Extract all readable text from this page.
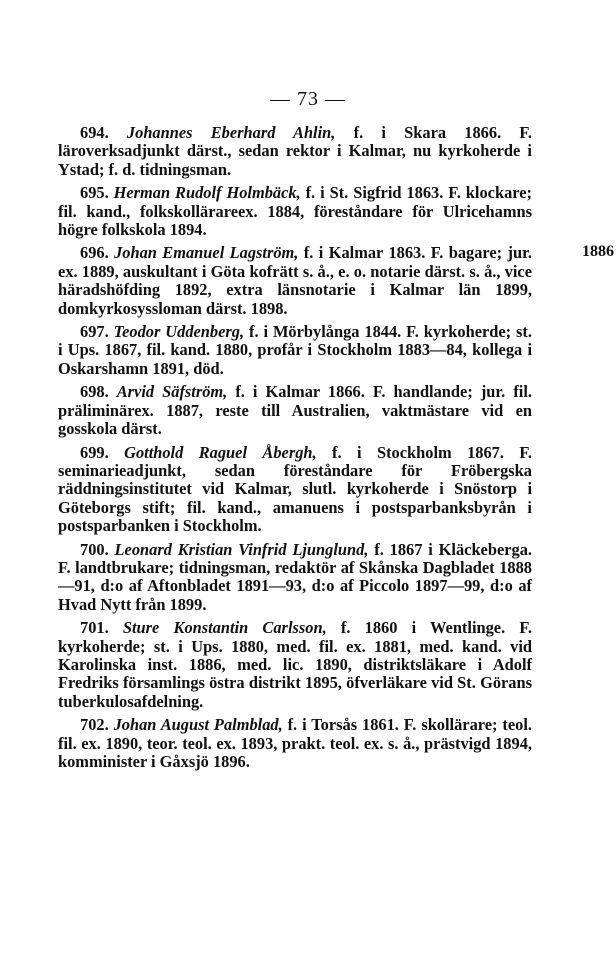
— 73 —
1886

694. Johannes Eberhard Ahlin, f. i Skara 1866. F. läroverksadjunkt därst., sedan rektor i Kalmar, nu kyrkoherde i Ystad; f. d. tidningsman.

695. Herman Rudolf Holmbäck, f. i St. Sigfrid 1863. F. klockare; fil. kand., folkskollärareex. 1884, föreståndare för Ulricehamns högre folkskola 1894.

696. Johan Emanuel Lagström, f. i Kalmar 1863. F. bagare; jur. ex. 1889, auskultant i Göta kofrätt s. å., e. o. notarie därst. s. å., vice häradshöfding 1892, extra länsnotarie i Kalmar län 1899, domkyrkosyssloman därst. 1898.

697. Teodor Uddenberg, f. i Mörbylånga 1844. F. kyrkoherde; st. i Ups. 1867, fil. kand. 1880, profår i Stockholm 1883—84, kollega i Oskarshamn 1891, död.

698. Arvid Säfström, f. i Kalmar 1866. F. handlande; jur. fil. präliminärex. 1887, reste till Australien, vaktmästare vid en gosskola därst.

699. Gotthold Raguel Åbergh, f. i Stockholm 1867. F. seminarieadjunkt, sedan föreståndare för Fröbergska räddningsinstitutet vid Kalmar, slutl. kyrkoherde i Snöstorp i Göteborgs stift; fil. kand., amanuens i postsparbanksbyrån i postsparbanken i Stockholm.

700. Leonard Kristian Vinfrid Ljunglund, f. 1867 i Kläckeberga. F. landtbrukare; tidningsman, redaktör af Skånska Dagbladet 1888—91, d:o af Aftonbladet 1891—93, d:o af Piccolo 1897—99, d:o af Hvad Nytt från 1899.

701. Sture Konstantin Carlsson, f. 1860 i Wentlinge. F. kyrkoherde; st. i Ups. 1880, med. fil. ex. 1881, med. kand. vid Karolinska inst. 1886, med. lic. 1890, distriktsläkare i Adolf Fredriks församlings östra distrikt 1895, öfverläkare vid St. Görans tuberkulosafdelning.

702. Johan August Palmblad, f. i Torsås 1861. F. skollärare; teol. fil. ex. 1890, teor. teol. ex. 1893, prakt. teol. ex. s. å., prästvigd 1894, komminister i Gåxsjö 1896.
